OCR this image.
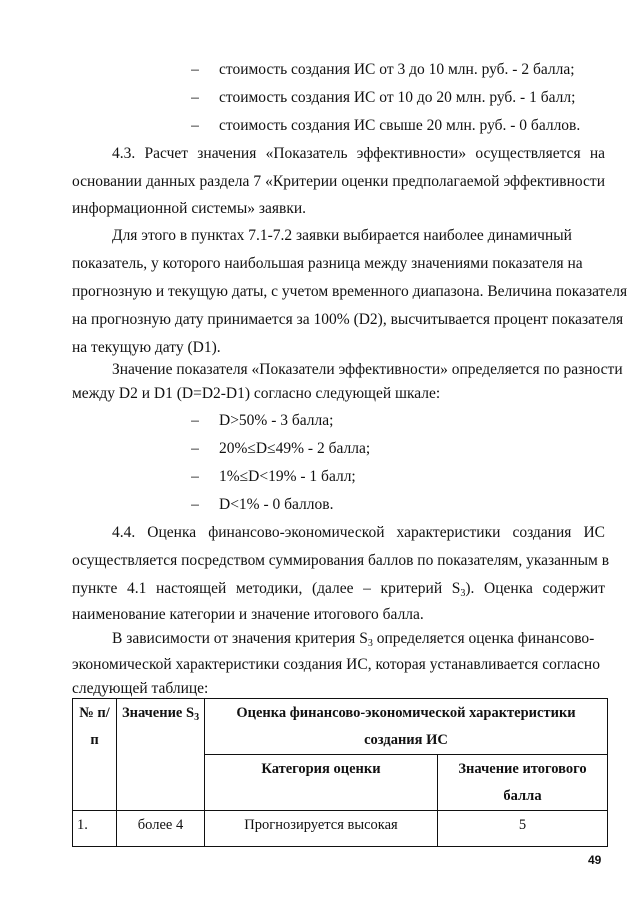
– стоимость создания ИС от 3 до 10 млн. руб. - 2 балла;
– стоимость создания ИС от 10 до 20 млн. руб. - 1 балл;
– стоимость создания ИС свыше 20 млн. руб. - 0 баллов.
4.3. Расчет значения «Показатель эффективности» осуществляется на
основании данных раздела 7 «Критерии оценки предполагаемой эффективности
информационной системы» заявки.
Для этого в пунктах 7.1-7.2 заявки выбирается наиболее динамичный
показатель, у которого наибольшая разница между значениями показателя на
прогнозную и текущую даты, с учетом временного диапазона. Величина показателя
на прогнозную дату принимается за 100% (D2), высчитывается процент показателя
на текущую дату (D1).
Значение показателя «Показатели эффективности» определяется по разности
между D2 и D1 (D=D2-D1) согласно следующей шкале:
– D>50% - 3 балла;
– 20%≤D≤49% - 2 балла;
– 1%≤D<19% - 1 балл;
– D<1% - 0 баллов.
4.4. Оценка финансово-экономической характеристики создания ИС
осуществляется посредством суммирования баллов по показателям, указанным в
пункте 4.1 настоящей методики, (далее – критерий $S_3$). Оценка содержит
наименование категории и значение итогового балла.
В зависимости от значения критерия $S_3$ определяется оценка финансово-
экономической характеристики создания ИС, которая устанавливается согласно
следующей таблице:
№ п/п	Значение $S_3$	Оценка финансово-экономической характеристики создания ИС	
		Категория оценки	Значение итогового балла
1.	более 4	Прогнозируется высокая	5
49
